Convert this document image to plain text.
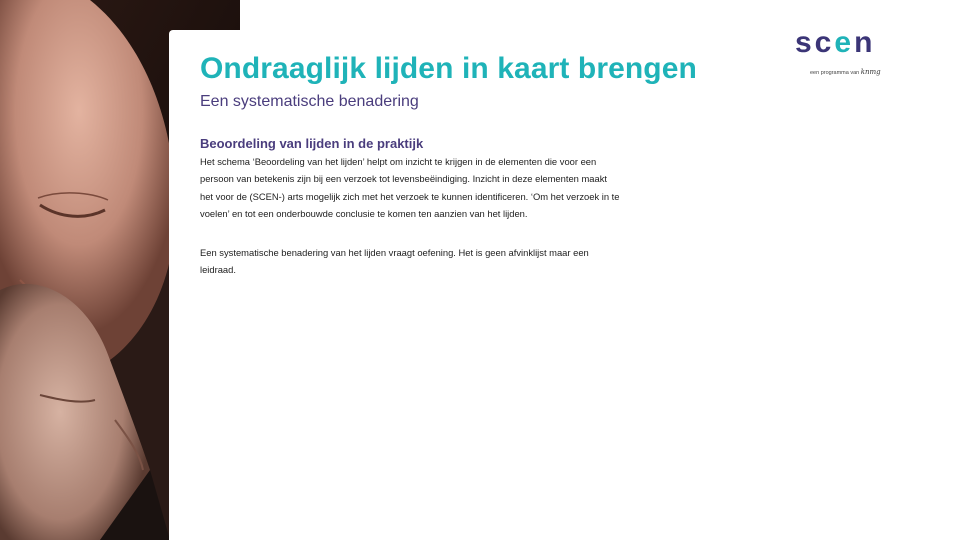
Ondraaglijk lijden in kaart brengen
Een systematische benadering
Beoordeling van lijden in de praktijk

Het schema ‘Beoordeling van het lijden’ helpt om inzicht te krijgen in de elementen die voor een persoon van betekenis zijn bij een verzoek tot levensbeëindiging. Inzicht in deze elementen maakt het voor de (SCEN-) arts mogelijk zich met het verzoek te kunnen identificeren. ‘Om het verzoek in te voelen’ en tot een onderbouwde conclusie te komen ten aanzien van het lijden.

Een systematische benadering van het lijden vraagt oefening. Het is geen afvinklijst maar een leidraad.

scen
een programma van knmg
